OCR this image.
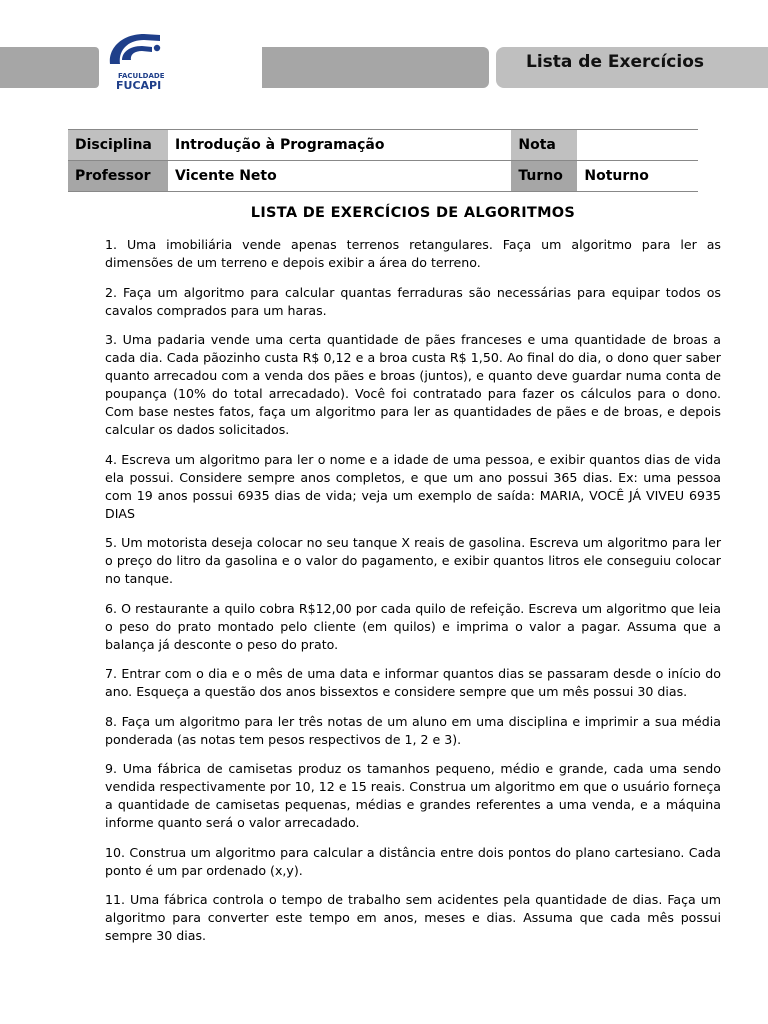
Lista de Exercícios
FACULDADE
FUCAPI
Disciplina	Introdução à Programação	Nota	
Professor	Vicente Neto	Turno	Noturno
LISTA DE EXERCÍCIOS DE ALGORITMOS

1. Uma imobiliária vende apenas terrenos retangulares. Faça um algoritmo para ler as dimensões de um terreno e depois exibir a área do terreno.

2. Faça um algoritmo para calcular quantas ferraduras são necessárias para equipar todos os cavalos comprados para um haras.

3. Uma padaria vende uma certa quantidade de pães franceses e uma quantidade de broas a cada dia. Cada pãozinho custa R$ 0,12 e a broa custa R$ 1,50. Ao final do dia, o dono quer saber quanto arrecadou com a venda dos pães e broas (juntos), e quanto deve guardar numa conta de poupança (10% do total arrecadado). Você foi contratado para fazer os cálculos para o dono. Com base nestes fatos, faça um algoritmo para ler as quantidades de pães e de broas, e depois calcular os dados solicitados.

4. Escreva um algoritmo para ler o nome e a idade de uma pessoa, e exibir quantos dias de vida ela possui. Considere sempre anos completos, e que um ano possui 365 dias. Ex: uma pessoa com 19 anos possui 6935 dias de vida; veja um exemplo de saída: MARIA, VOCÊ JÁ VIVEU 6935 DIAS

5. Um motorista deseja colocar no seu tanque X reais de gasolina. Escreva um algoritmo para ler o preço do litro da gasolina e o valor do pagamento, e exibir quantos litros ele conseguiu colocar no tanque.

6. O restaurante a quilo cobra R$12,00 por cada quilo de refeição. Escreva um algoritmo que leia o peso do prato montado pelo cliente (em quilos) e imprima o valor a pagar. Assuma que a balança já desconte o peso do prato.

7. Entrar com o dia e o mês de uma data e informar quantos dias se passaram desde o início do ano. Esqueça a questão dos anos bissextos e considere sempre que um mês possui 30 dias.

8. Faça um algoritmo para ler três notas de um aluno em uma disciplina e imprimir a sua média ponderada (as notas tem pesos respectivos de 1, 2 e 3).

9. Uma fábrica de camisetas produz os tamanhos pequeno, médio e grande, cada uma sendo vendida respectivamente por 10, 12 e 15 reais. Construa um algoritmo em que o usuário forneça a quantidade de camisetas pequenas, médias e grandes referentes a uma venda, e a máquina informe quanto será o valor arrecadado.

10. Construa um algoritmo para calcular a distância entre dois pontos do plano cartesiano. Cada ponto é um par ordenado (x,y).

11. Uma fábrica controla o tempo de trabalho sem acidentes pela quantidade de dias. Faça um algoritmo para converter este tempo em anos, meses e dias. Assuma que cada mês possui sempre 30 dias.
